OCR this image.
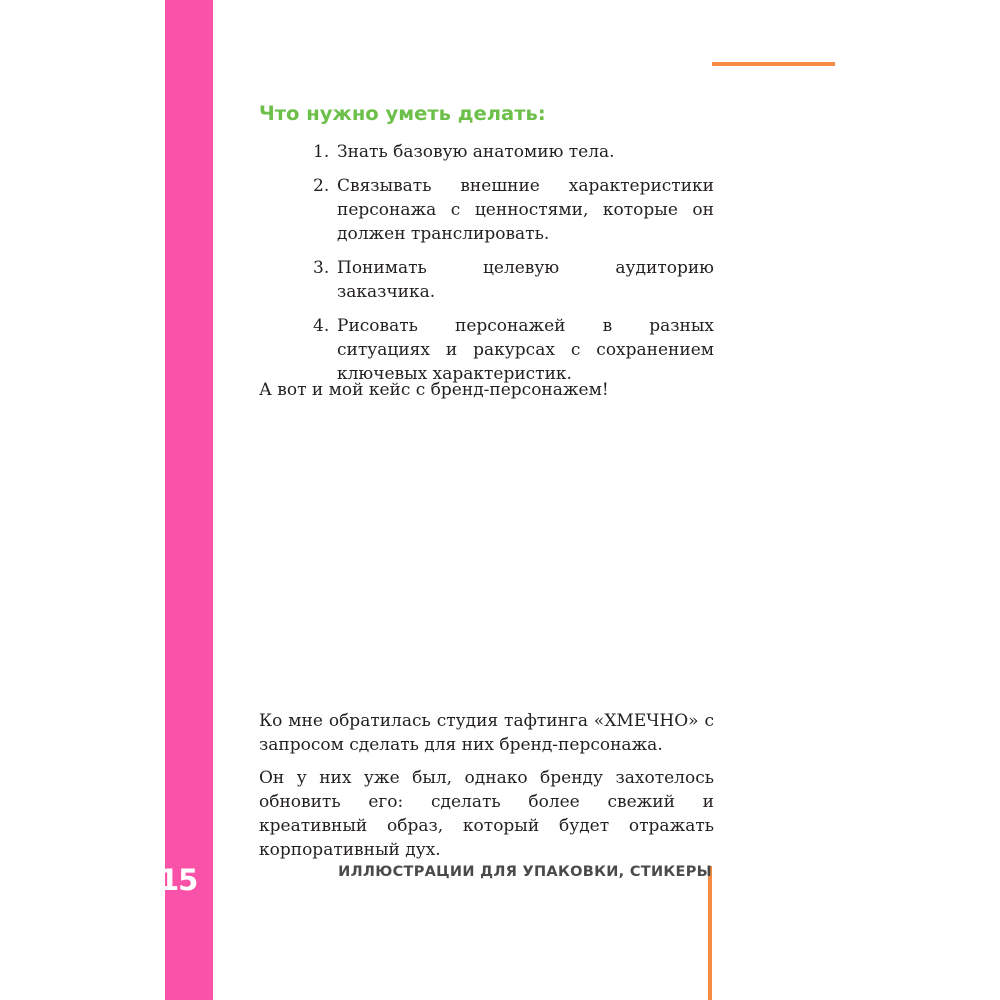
15
Что нужно уметь делать:
1. Знать базовую анатомию тела.
2. Связывать внешние характеристики персонажа с ценностями, которые он должен транслировать.
3. Понимать целевую аудиторию заказчика.
4. Рисовать персонажей в разных ситуациях и ракурсах с сохранением ключевых характеристик.

А вот и мой кейс с бренд-персонажем!

Ко мне обратилась студия тафтинга «ХМЕЧНО» с запросом сделать для них бренд-персонажа.

Он у них уже был, однако бренду захотелось обновить его: сделать более свежий и креативный образ, который будет отражать корпоративный дух.

ИЛЛЮСТРАЦИИ ДЛЯ УПАКОВКИ, СТИКЕРЫ
